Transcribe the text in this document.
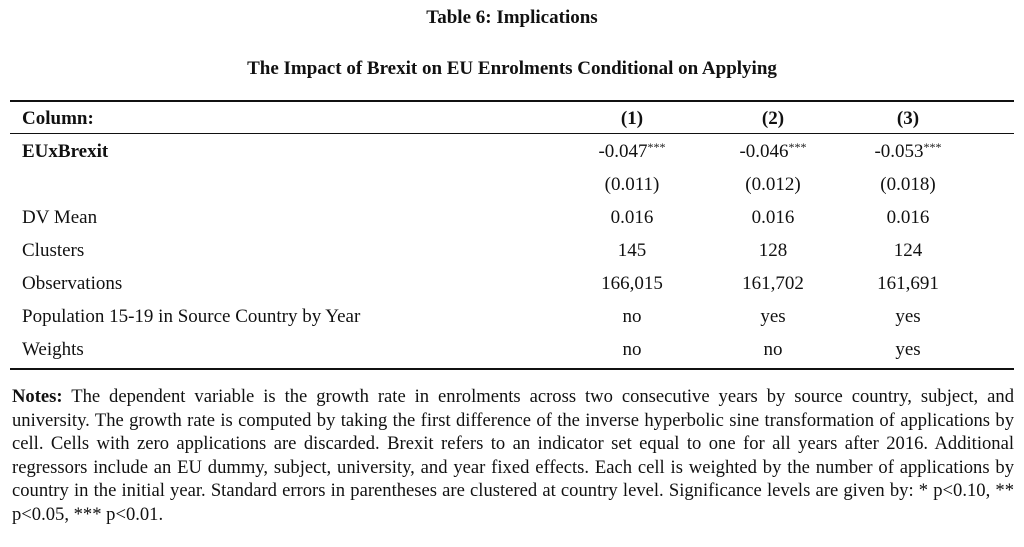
Table 6: Implications
The Impact of Brexit on EU Enrolments Conditional on Applying
Column:	(1)	(2)	(3)
EUxBrexit	-0.047***	-0.046***	-0.053***
	(0.011)	(0.012)	(0.018)
DV Mean	0.016	0.016	0.016
Clusters	145	128	124
Observations	166,015	161,702	161,691
Population 15-19 in Source Country by Year	no	yes	yes
Weights	no	no	yes
Notes: The dependent variable is the growth rate in enrolments across two consecutive years by source country, subject, and university. The growth rate is computed by taking the first difference of the inverse hyperbolic sine transformation of applications by cell. Cells with zero applications are discarded. Brexit refers to an indicator set equal to one for all years after 2016. Additional regressors include an EU dummy, subject, university, and year fixed effects. Each cell is weighted by the number of applications by country in the initial year. Standard errors in parentheses are clustered at country level. Significance levels are given by: * p<0.10, ** p<0.05, *** p<0.01.
